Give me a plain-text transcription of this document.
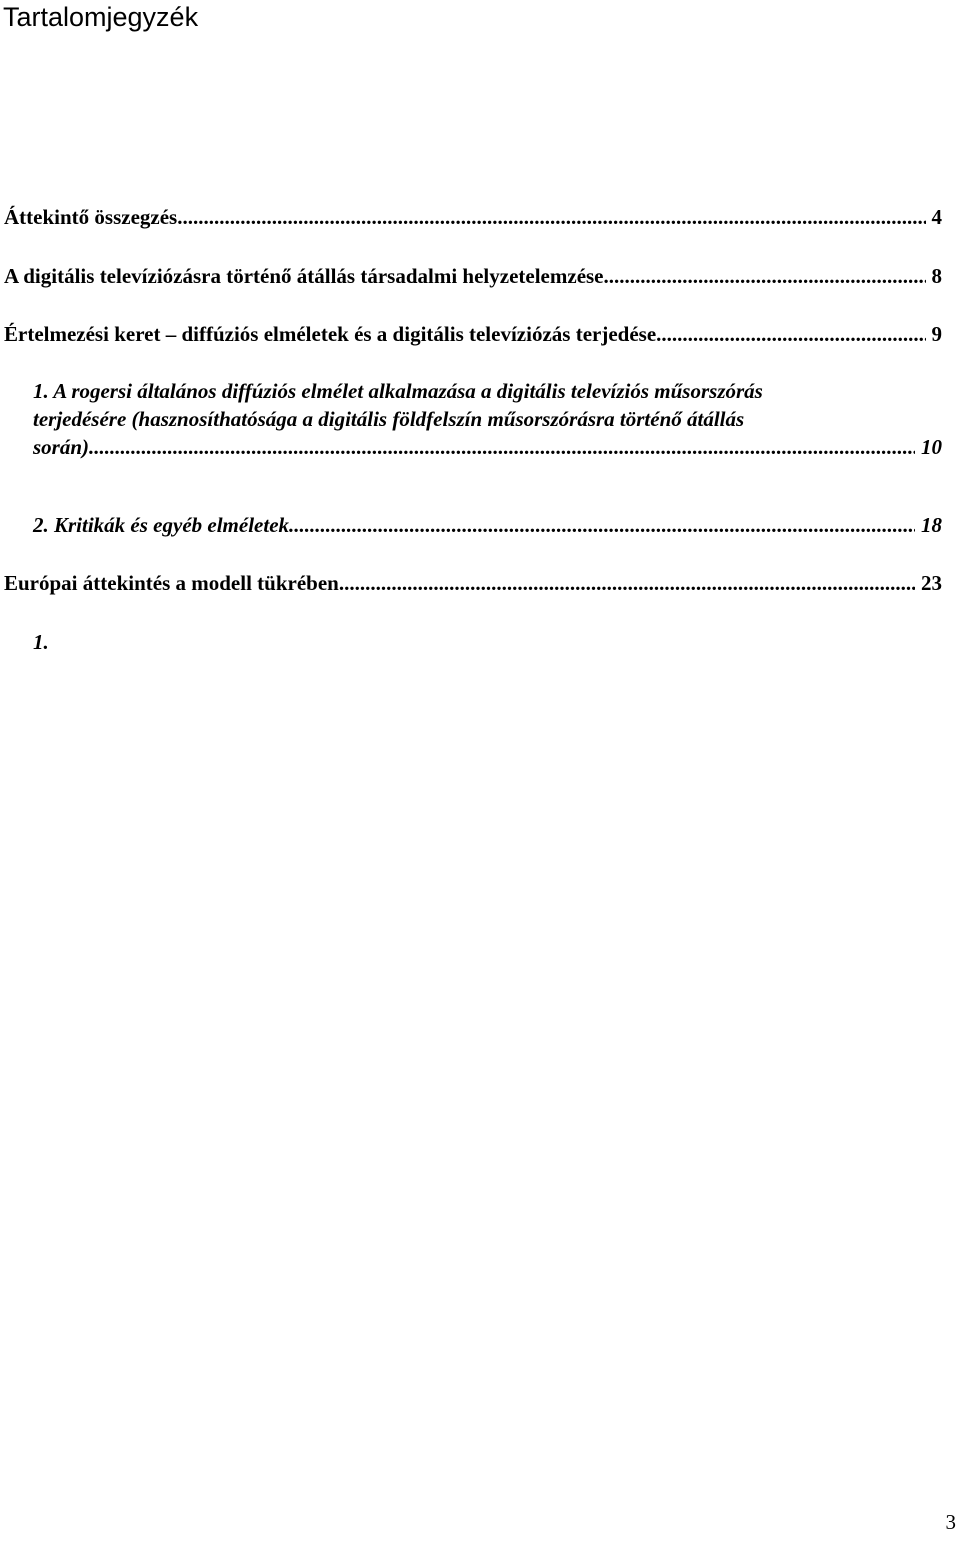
Tartalomjegyzék
Áttekintő összegzés .....	4
A digitális televíziózásra történő átállás társadalmi helyzetelemzése .....	8
Értelmezési keret – diffúziós elméletek és a digitális televíziózás terjedése .....	9
1. A rogersi általános diffúziós elmélet alkalmazása a digitális televíziós műsorszórás
terjedésére (hasznosíthatósága a digitális földfelszín műsorszórásra történő átállás
során) .....	10
2. Kritikák és egyéb elméletek .....	18
Európai áttekintés a modell tükrében .....	23
1.
3
